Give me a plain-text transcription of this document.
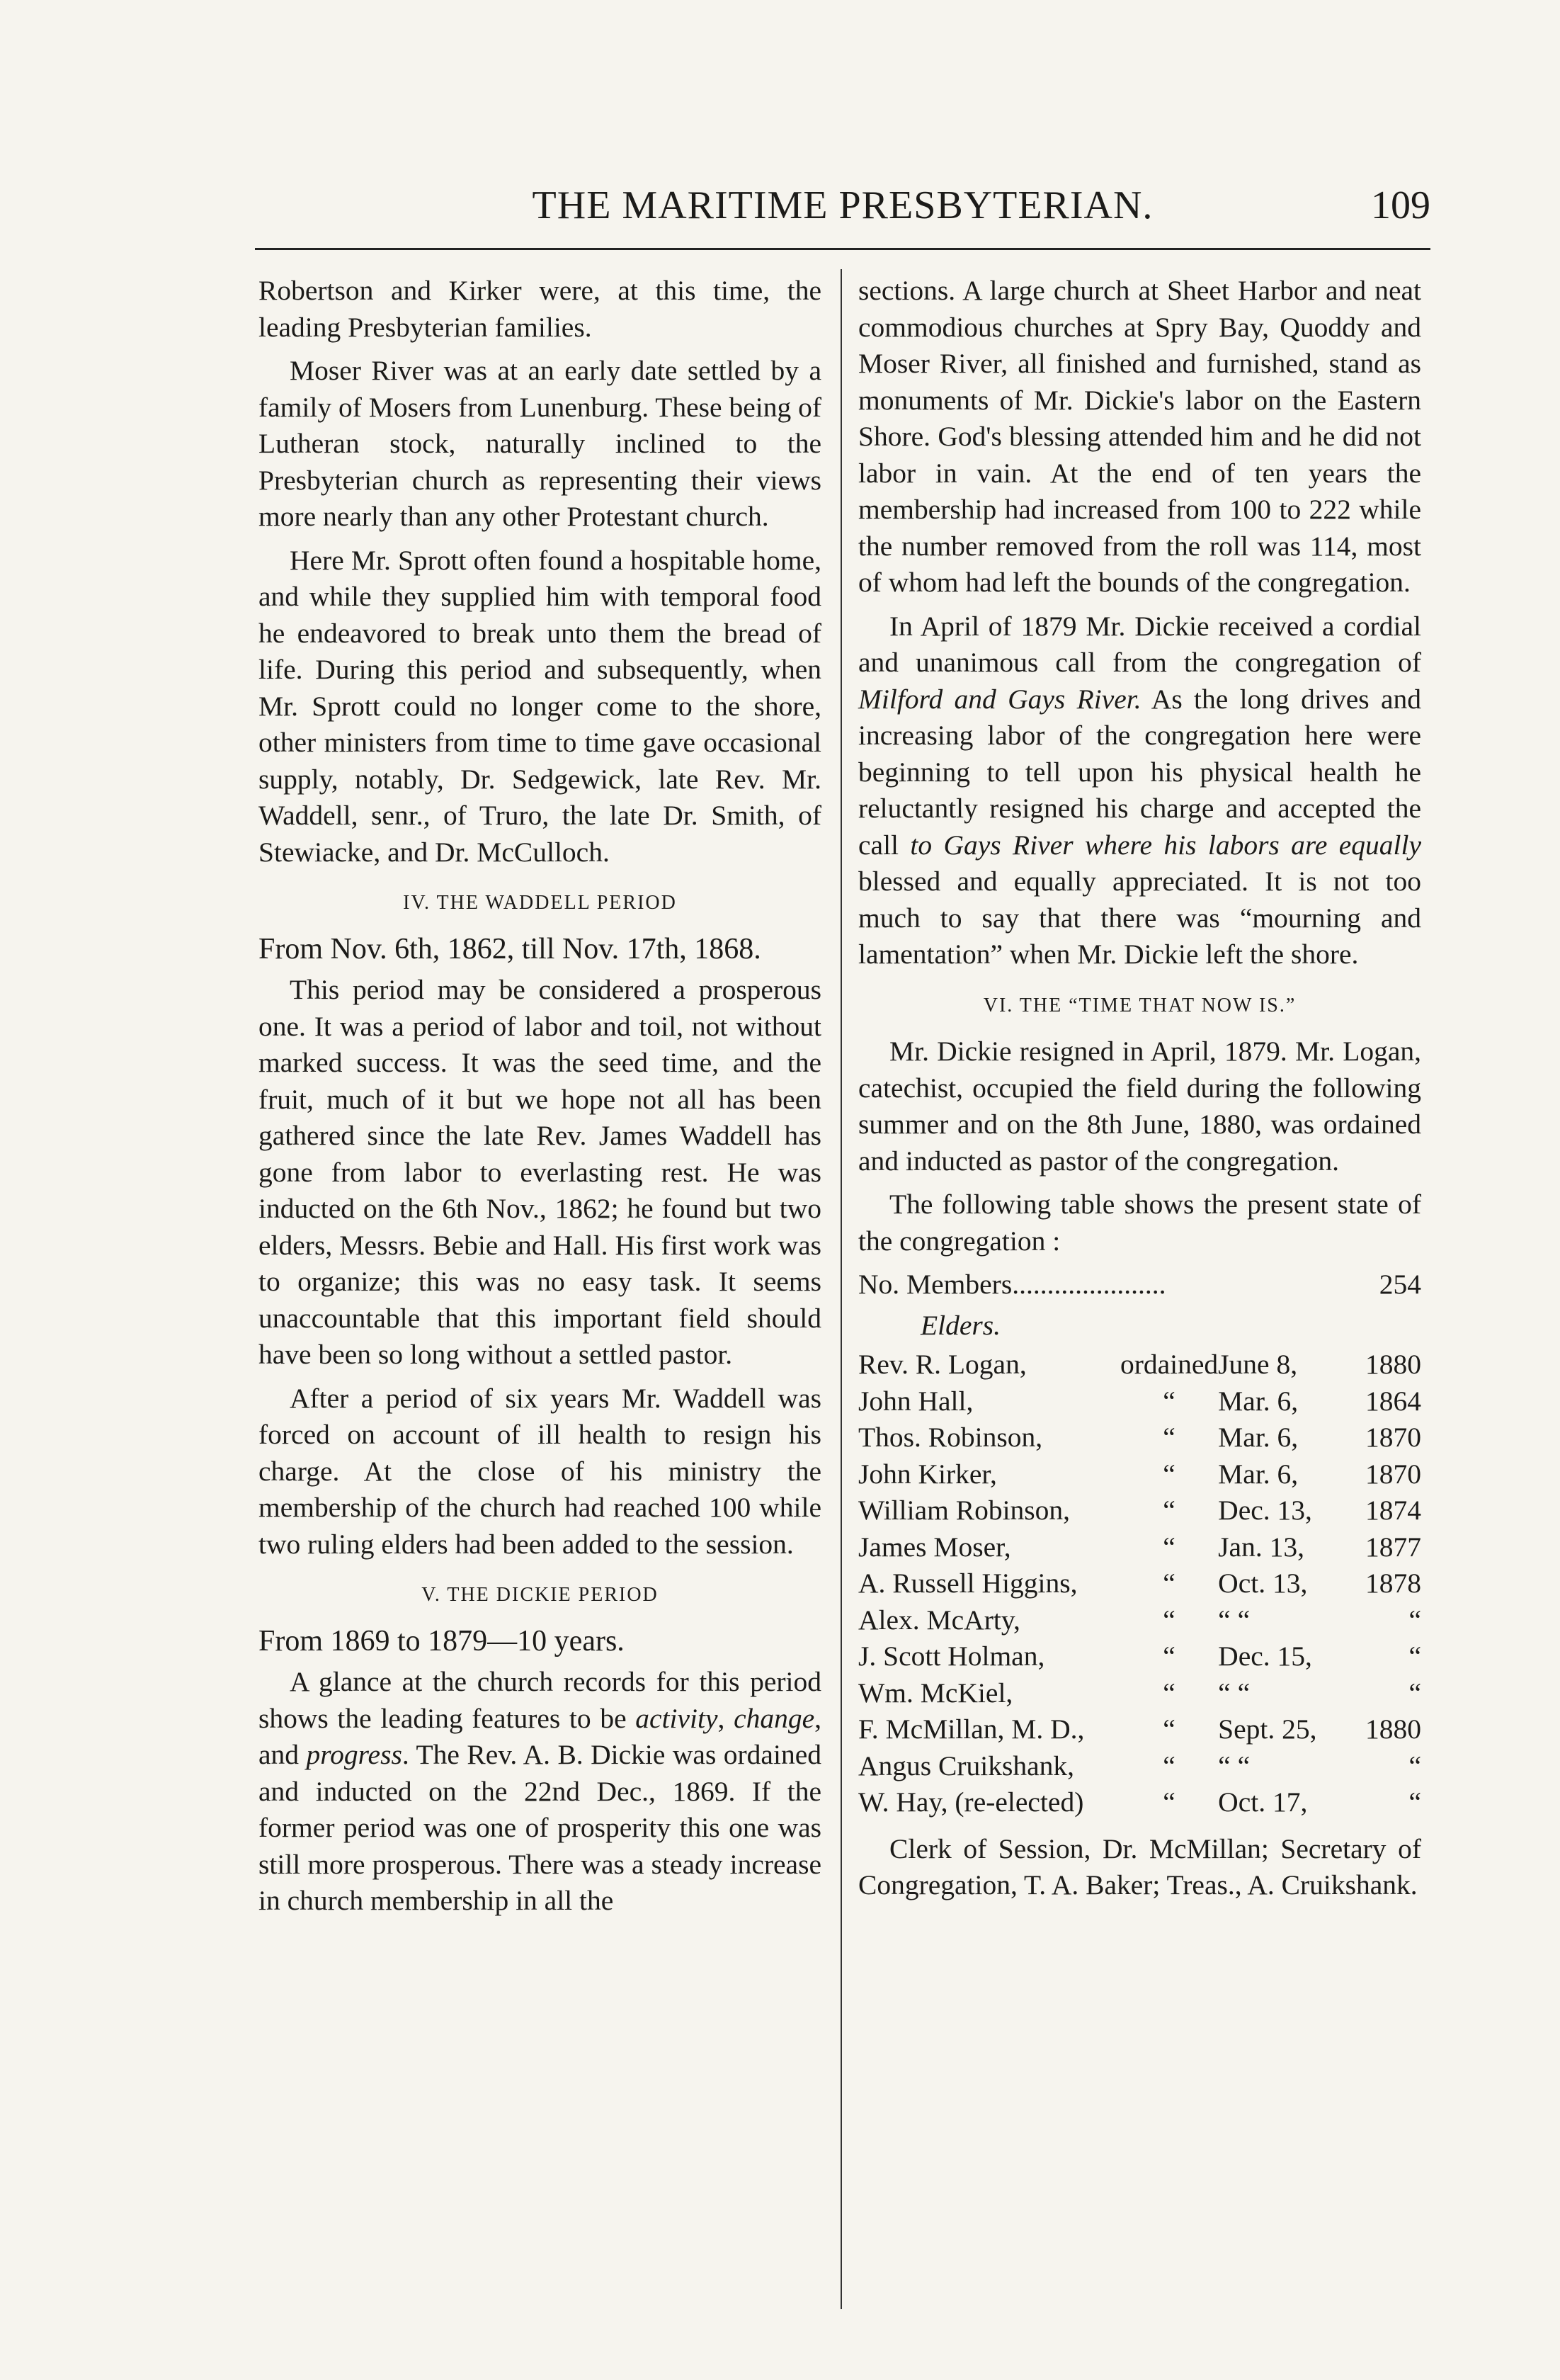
THE MARITIME PRESBYTERIAN.	109

Robertson and Kirker were, at this time, the leading Presbyterian families.

Moser River was at an early date settled by a family of Mosers from Lunenburg. These being of Lutheran stock, naturally inclined to the Presbyterian church as representing their views more nearly than any other Protestant church.

Here Mr. Sprott often found a hospitable home, and while they supplied him with temporal food he endeavored to break unto them the bread of life. During this period and subsequently, when Mr. Sprott could no longer come to the shore, other ministers from time to time gave occasional supply, notably, Dr. Sedgewick, late Rev. Mr. Waddell, senr., of Truro, the late Dr. Smith, of Stewiacke, and Dr. McCulloch.

IV. THE WADDELL PERIOD

From Nov. 6th, 1862, till Nov. 17th, 1868.

This period may be considered a prosperous one. It was a period of labor and toil, not without marked success. It was the seed time, and the fruit, much of it but we hope not all has been gathered since the late Rev. James Waddell has gone from labor to everlasting rest. He was inducted on the 6th Nov., 1862; he found but two elders, Messrs. Bebie and Hall. His first work was to organize; this was no easy task. It seems unaccountable that this important field should have been so long without a settled pastor.

After a period of six years Mr. Waddell was forced on account of ill health to resign his charge. At the close of his ministry the membership of the church had reached 100 while two ruling elders had been added to the session.

V. THE DICKIE PERIOD

From 1869 to 1879—10 years.

A glance at the church records for this period shows the leading features to be activity, change, and progress. The Rev. A. B. Dickie was ordained and inducted on the 22nd Dec., 1869. If the former period was one of prosperity this one was still more prosperous. There was a steady increase in church membership in all the

sections. A large church at Sheet Harbor and neat commodious churches at Spry Bay, Quoddy and Moser River, all finished and furnished, stand as monuments of Mr. Dickie's labor on the Eastern Shore. God's blessing attended him and he did not labor in vain. At the end of ten years the membership had increased from 100 to 222 while the number removed from the roll was 114, most of whom had left the bounds of the congregation.

In April of 1879 Mr. Dickie received a cordial and unanimous call from the congregation of Milford and Gays River. As the long drives and increasing labor of the congregation here were beginning to tell upon his physical health he reluctantly resigned his charge and accepted the call to Gays River where his labors are equally blessed and equally appreciated. It is not too much to say that there was “mourning and lamentation” when Mr. Dickie left the shore.

VI. THE “TIME THAT NOW IS.”

Mr. Dickie resigned in April, 1879. Mr. Logan, catechist, occupied the field during the following summer and on the 8th June, 1880, was ordained and inducted as pastor of the congregation.

The following table shows the present state of the congregation :

No. Members ......................	254
Elders.
Rev. R. Logan,	ordained	June 8,	1880
John Hall,	“	Mar. 6,	1864
Thos. Robinson,	“	Mar. 6,	1870
John Kirker,	“	Mar. 6,	1870
William Robinson,	“	Dec. 13,	1874
James Moser,	“	Jan. 13,	1877
A. Russell Higgins,	“	Oct. 13,	1878
Alex. McArty,	“	“ “	“
J. Scott Holman,	“	Dec. 15,	“
Wm. McKiel,	“	“ “	“
F. McMillan, M. D.,	“	Sept. 25,	1880
Angus Cruikshank,	“	“ “	“
W. Hay, (re-elected)	“	Oct. 17,	“

Clerk of Session, Dr. McMillan; Secretary of Congregation, T. A. Baker; Treas., A. Cruikshank.
